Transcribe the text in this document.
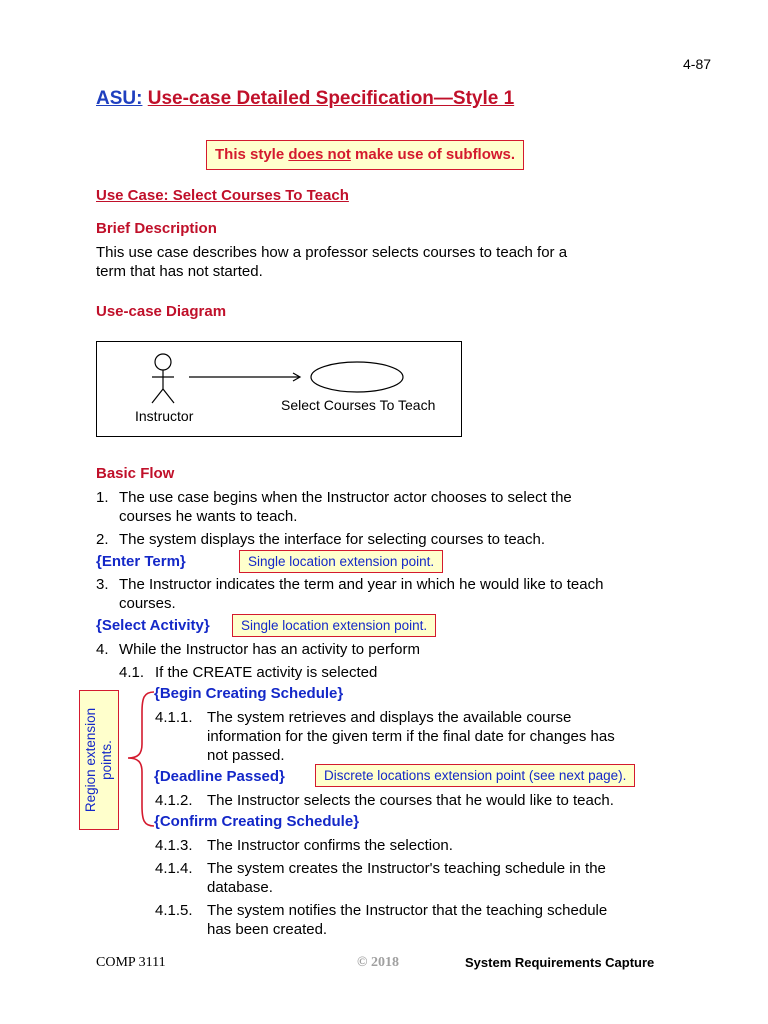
4-87
ASU: Use-case Detailed Specification—Style 1
This style does not make use of subflows.
Use Case: Select Courses To Teach
Brief Description
This use case describes how a professor selects courses to teach for a
term that has not started.
Use-case Diagram
Instructor
Select Courses To Teach
Basic Flow
1. The use case begins when the Instructor actor chooses to select the
courses he wants to teach.
2. The system displays the interface for selecting courses to teach.
{Enter Term}	Single location extension point.
3. The Instructor indicates the term and year in which he would like to teach
courses.
{Select Activity}	Single location extension point.
4. While the Instructor has an activity to perform
4.1. If the CREATE activity is selected
{Begin Creating Schedule}
4.1.1. The system retrieves and displays the available course
information for the given term if the final date for changes has
not passed.
{Deadline Passed}	Discrete locations extension point (see next page).
4.1.2. The Instructor selects the courses that he would like to teach.
{Confirm Creating Schedule}
4.1.3. The Instructor confirms the selection.
4.1.4. The system creates the Instructor's teaching schedule in the
database.
4.1.5. The system notifies the Instructor that the teaching schedule
has been created.
Region extension points.
COMP 3111	© 2018	System Requirements Capture
